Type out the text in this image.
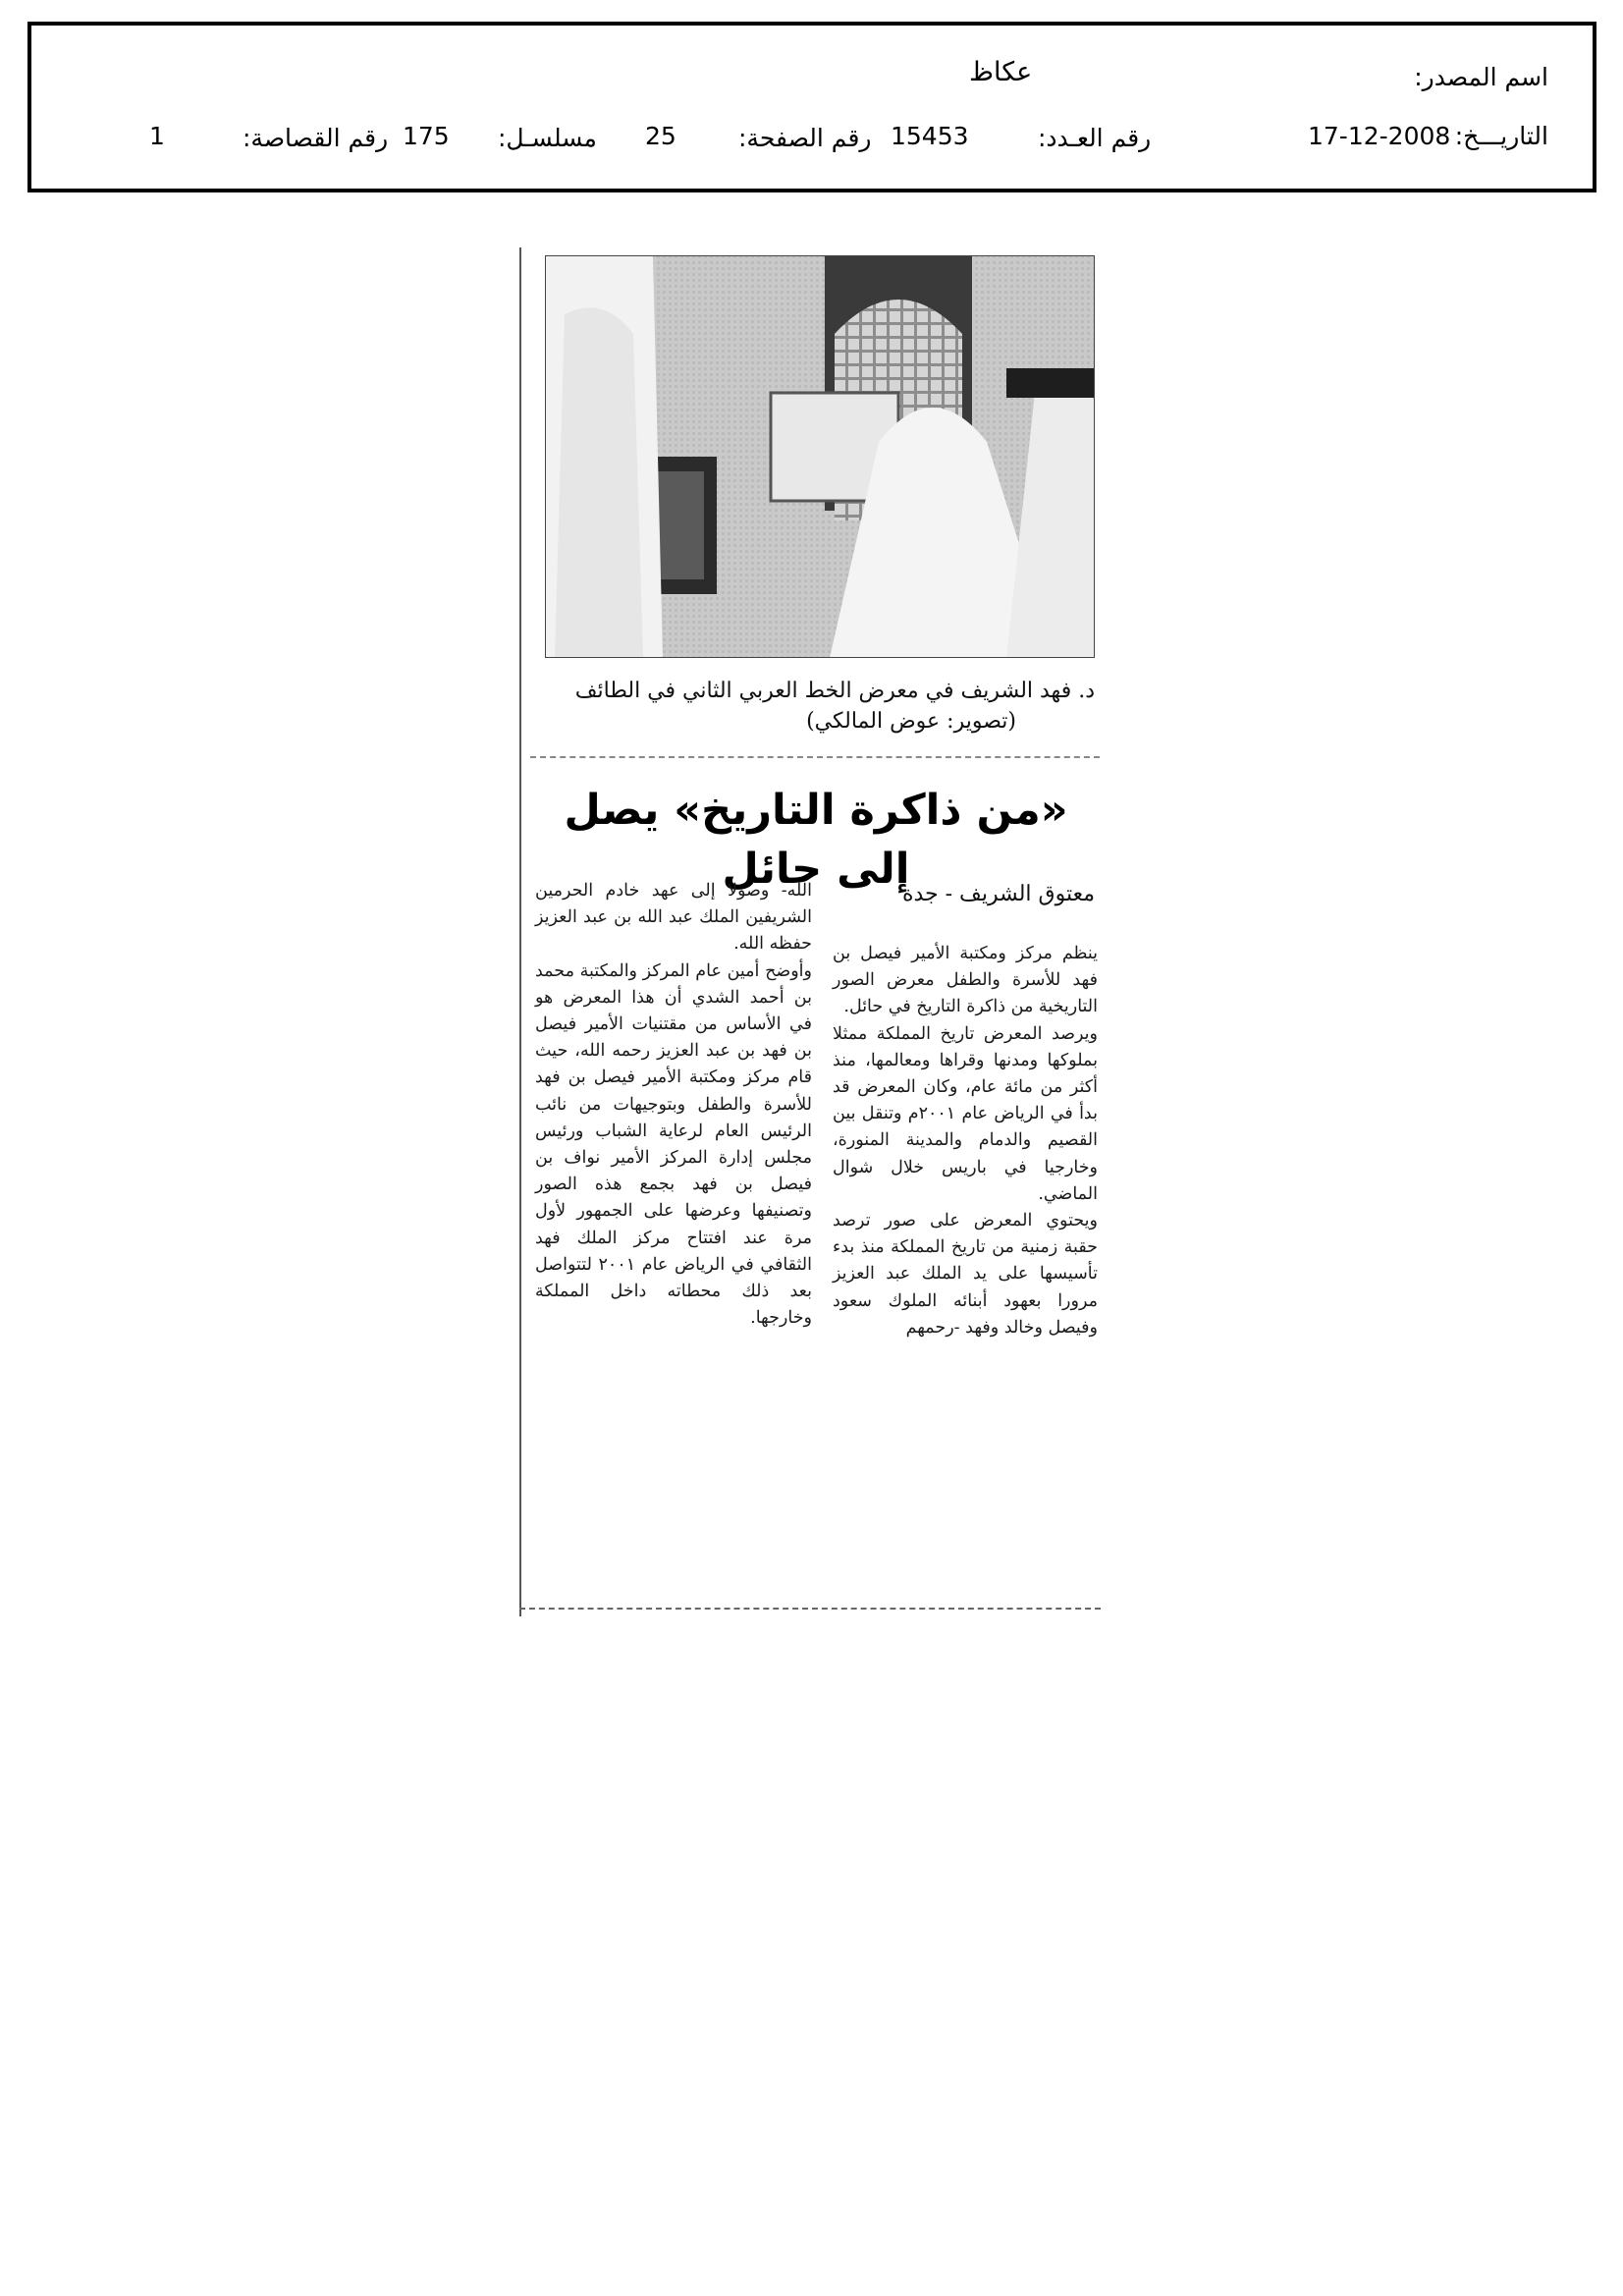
اسم المصدر:
عكاظ
التاريـــخ:
17-12-2008
رقم العـدد:
15453
رقم الصفحة:
25
مسلسـل:
175
رقم القصاصة:
1
د. فهد الشريف في معرض الخط العربي الثاني في الطائف
(تصوير: عوض المالكي)
«من ذاكرة التاريخ» يصل إلى حائل
معتوق الشريف - جدة

ينظم مركز ومكتبة الأمير فيصل بن فهد للأسرة والطفل معرض الصور التاريخية من ذاكرة التاريخ في حائل.

ويرصد المعرض تاريخ المملكة ممثلا بملوكها ومدنها وقراها ومعالمها، منذ أكثر من مائة عام، وكان المعرض قد بدأ في الرياض عام ٢٠٠١م وتنقل بين القصيم والدمام والمدينة المنورة، وخارجيا في باريس خلال شوال الماضي.

ويحتوي المعرض على صور ترصد حقبة زمنية من تاريخ المملكة منذ بدء تأسيسها على يد الملك عبد العزيز مرورا بعهود أبنائه الملوك سعود وفيصل وخالد وفهد -رحمهم

الله- وصولا إلى عهد خادم الحرمين الشريفين الملك عبد الله بن عبد العزيز حفظه الله.

وأوضح أمين عام المركز والمكتبة محمد بن أحمد الشدي أن هذا المعرض هو في الأساس من مقتنيات الأمير فيصل بن فهد بن عبد العزيز رحمه الله، حيث قام مركز ومكتبة الأمير فيصل بن فهد للأسرة والطفل وبتوجيهات من نائب الرئيس العام لرعاية الشباب ورئيس مجلس إدارة المركز الأمير نواف بن فيصل بن فهد بجمع هذه الصور وتصنيفها وعرضها على الجمهور لأول مرة عند افتتاح مركز الملك فهد الثقافي في الرياض عام ٢٠٠١ لتتواصل بعد ذلك محطاته داخل المملكة وخارجها.
